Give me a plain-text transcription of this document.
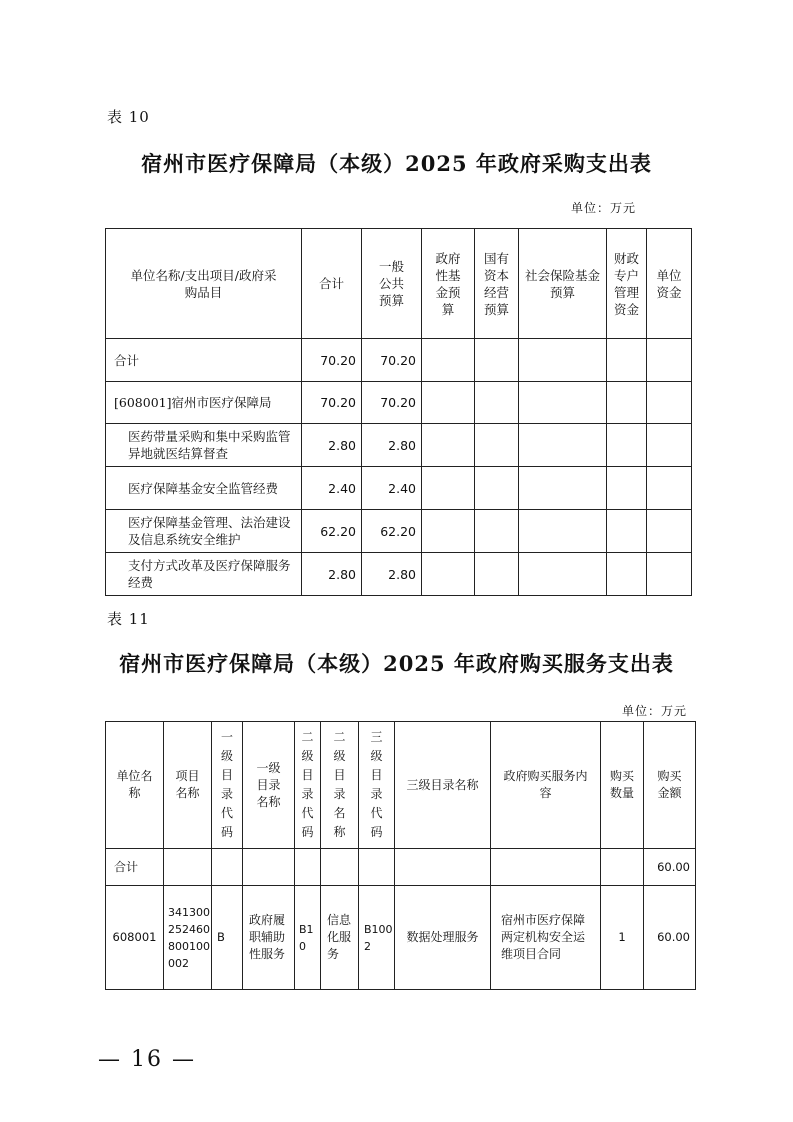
表 10
宿州市医疗保障局（本级）2025 年政府采购支出表
单位：万元
单位名称/支出项目/政府采购品目	合计	一般公共预算	政府性基金预算	国有资本经营预算	社会保险基金预算	财政专户管理资金	单位资金
合计	70.20	70.20					
[608001]宿州市医疗保障局	70.20	70.20					
医药带量采购和集中采购监管异地就医结算督查	2.80	2.80					
医疗保障基金安全监管经费	2.40	2.40					
医疗保障基金管理、法治建设及信息系统安全维护	62.20	62.20					
支付方式改革及医疗保障服务经费	2.80	2.80					
表 11
宿州市医疗保障局（本级）2025 年政府购买服务支出表
单位：万元
单位名称	项目名称	一级目录代码	一级目录名称	二级目录代码	二级目录名称	三级目录代码	三级目录名称	政府购买服务内容	购买数量	购买金额
合计										60.00
608001	341300252460800100002	B	政府履职辅助性服务	B10	信息化服务	B1002	数据处理服务	宿州市医疗保障两定机构安全运维项目合同	1	60.00
— 16 —
